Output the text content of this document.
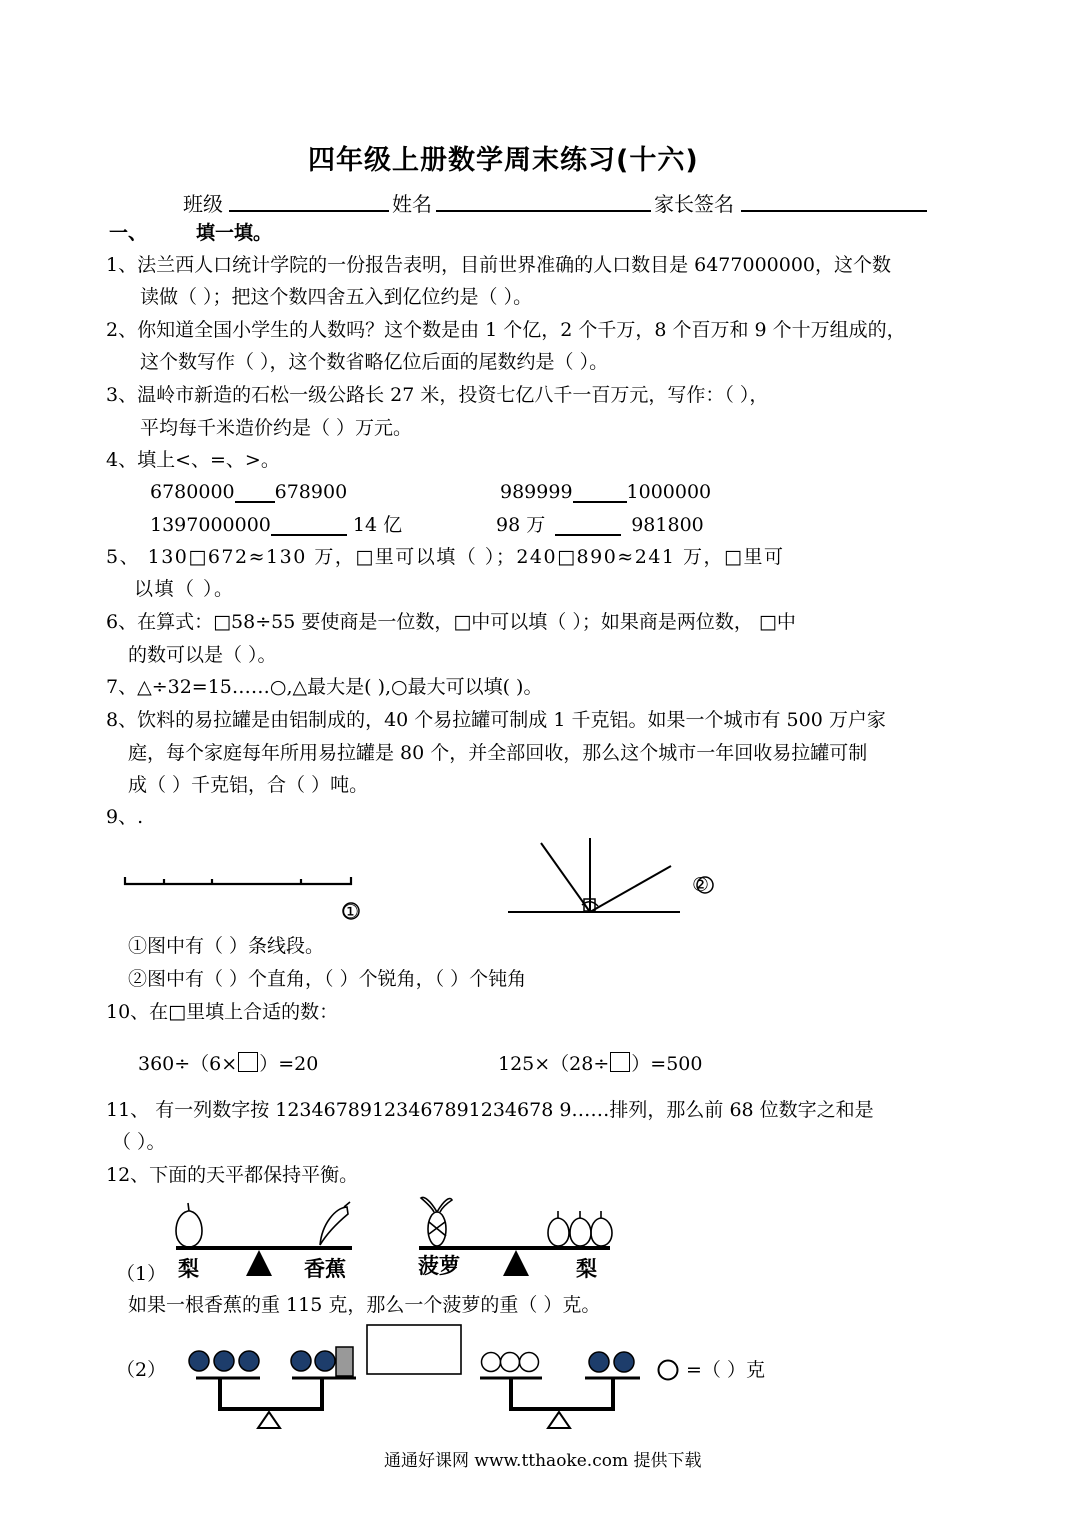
四年级上册数学周末练习(十六)
班级	姓名	家长签名
一、	填一填。
1、法兰西人口统计学院的一份报告表明，目前世界准确的人口数目是 6477000000，这个数
读做（ ）；把这个数四舍五入到亿位约是（ ）。
2、你知道全国小学生的人数吗？这个数是由 1 个亿，2 个千万，8 个百万和 9 个十万组成的，
这个数写作（ ），这个数省略亿位后面的尾数约是（ ）。
3、温岭市新造的石松一级公路长 27 米，投资七亿八千一百万元，写作：（ ），
平均每千米造价约是（ ）万元。
4、填上<、=、>。
6780000 678900	989999	1000000
1397000000	14 亿	98 万	981800
5、 130□672≈130 万，□里可以填（ ）；240□890≈241 万，□里可
以填（ ）。
6、在算式：□58÷55 要使商是一位数，□中可以填（ ）；如果商是两位数， □中
的数可以是（ ）。
7、△÷32=15……○,△最大是( ),○最大可以填( )。
8、饮料的易拉罐是由铝制成的，40 个易拉罐可制成 1 千克铝。如果一个城市有 500 万户家
庭，每个家庭每年所用易拉罐是 80 个，并全部回收，那么这个城市一年回收易拉罐可制
成（ ）千克铝，合（ ）吨。
9、.
①
②
①图中有（ ）条线段。
②图中有（ ）个直角，（ ）个锐角，（ ）个钝角
10、在□里填上合适的数：
360÷（6× ）=20	125×（28÷ ）=500
11、 有一列数字按 12346789123467891234678 9……排列，那么前 68 位数字之和是
（ ）。
12、下面的天平都保持平衡。
（1） 梨	香蕉	菠萝	梨
如果一根香蕉的重 115 克，那么一个菠萝的重（ ）克。
（2）	=（ ）克
通通好课网 www.tthaoke.com 提供下载
